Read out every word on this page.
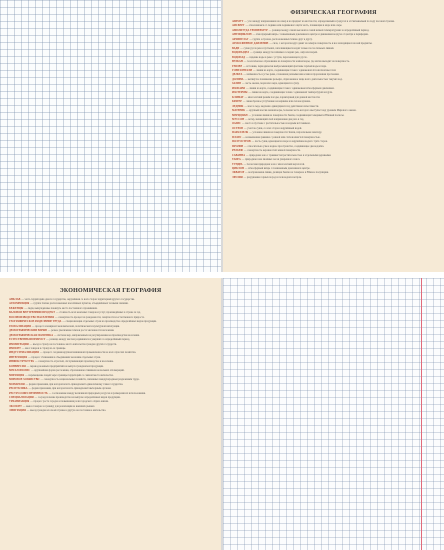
ФИЗИЧЕСКАЯ ГЕОГРАФИЯ

АЗИМУТ— угол между направлением на север и на предмет на местности, определяемый в градусах и отсчитываемый по ходу часовой стрелки.

АЙСБЕРГ— отколовшаяся от ледника или ледникового щита часть, плавающая в море или озере.

АМПЛИТУДА ТЕМПЕРАТУР— разница между самой высокой и самой низкой температурами за определённый период.

АНТИЦИКЛОН— атмосферный вихрь с повышенным давлением в центре и движением воздуха от центра к периферии.

АРХИПЕЛАГ— группа островов, расположенных близко друг к другу.

АТМОСФЕРНОЕ ДАВЛЕНИЕ— сила, с которой воздух давит на земную поверхность и все находящиеся на ней предметы.

ВАДИ— сухие русла рек в пустынях, заполняющиеся водой только после сильных ливней.

ВОДОРАЗДЕЛ— граница между бассейнами соседних рек, озёр или морей.

ВОДОПАД— падение воды в реке с уступа, пересекающего русло.

ВУЛКАН— геологическое образование на поверхности земной коры, где магма выходит на поверхность.

ГЕЙЗЕР— источник, периодически выбрасывающий фонтаны горячей воды и пара.

ГОРИЗОНТАЛИ— линии на карте, соединяющие точки с одинаковой абсолютной высотой.

ДЕЛЬТА— низменность в устье реки, сложенная речными наносами и прорезанная протоками.

ДОЛИНА— вытянутое понижение рельефа, образованное чаще всего деятельностью текучих вод.

ЗАЛИВ— часть океана, моря или озера, вдающаяся в сушу.

ИЗОБАРЫ— линии на карте, соединяющие точки с одинаковым атмосферным давлением.

ИЗОТЕРМЫ— линии на карте, соединяющие точки с одинаковой температурой воздуха.

КЛИМАТ— многолетний режим погоды, характерный для данной местности.

КРАТЕР— чашеобразное углубление на вершине или склоне вулкана.

ЛЕДНИК— масса льда, медленно движущаяся под действием силы тяжести.

МАТЕРИК— крупный массив земной коры, большая часть которого выступает над уровнем Мирового океана.

МЕРИДИАН— условная линия на поверхности Земли, соединяющая Северный и Южный полюсы.

МУССОН— ветер, меняющий своё направление два раза в год.

ОАЗИС— место в пустыне с растительностью и водным источником.

ОСТРОВ— участок суши, со всех сторон окружённый водой.

ПАРАЛЛЕЛЬ— условная линия на поверхности Земли, параллельная экватору.

ПЛАТО— возвышенная равнина с ровной или слабоволнистой поверхностью.

ПОЛУОСТРОВ— часть суши, вдающаяся в море и окружённая водой с трёх сторон.

ПРОЛИВ— относительно узкое водное пространство, соединяющее два водоёма.

РЕЛЬЕФ— совокупность неровностей земной поверхности.

САВАННА— природная зона с травянистой растительностью и отдельными деревьями.

ТАЙГА— природная зона хвойных лесов умеренного пояса.

ТУНДРА— безлесная природная зона с многолетней мерзлотой.

ЦИКЛОН— атмосферный вихрь с пониженным давлением в центре.

ЭКВАТОР— воображаемая линия, делящая Землю на Северное и Южное полушария.

ЭРОЗИЯ— разрушение горных пород и почв водой и ветром.

ЭКОНОМИЧЕСКАЯ ГЕОГРАФИЯ

АНКЛАВ— часть территории одного государства, окружённая со всех сторон территорией другого государства.

АГЛОМЕРАЦИЯ— группа близко расположенных населённых пунктов, объединённых тесными связями.

БЕЖЕНЦЫ— люди, вынужденные покинуть место постоянного проживания.

ВАЛОВОЙ ВНУТРЕННИЙ ПРОДУКТ— стоимость всех конечных товаров и услуг, произведённых в стране за год.

ВОСПРОИЗВОДСТВО НАСЕЛЕНИЯ— совокупность процессов рождаемости, смертности и естественного прироста.

ГЕОГРАФИЧЕСКОЕ РАЗДЕЛЕНИЕ ТРУДА— специализация отдельных стран на производстве определённых видов продукции.

ГЛОБАЛИЗАЦИЯ— процесс всемирной экономической, политической и культурной интеграции.

ДЕМОГРАФИЧЕСКИЙ ВЗРЫВ— резкое увеличение темпов роста численности населения.

ДЕМОГРАФИЧЕСКАЯ ПОЛИТИКА— система мер, направленных на регулирование воспроизводства населения.

ЕСТЕСТВЕННЫЙ ПРИРОСТ— разница между числом родившихся и умерших за определённый период.

ИММИГРАЦИЯ— въезд в страну на постоянное место жительства граждан других государств.

ИМПОРТ— ввоз товаров в страну из-за границы.

ИНДУСТРИАЛИЗАЦИЯ— процесс создания крупной машинной промышленности во всех отраслях хозяйства.

ИНТЕГРАЦИЯ— процесс сближения и объединения экономик отдельных стран.

ИНФРАСТРУКТУРА— совокупность отраслей, обслуживающих производство и население.

КОНВЕРСИЯ— перевод военных предприятий на выпуск гражданской продукции.

МЕГАЛОПОЛИС— крупнейшая форма расселения, образованная слиянием нескольких агломераций.

МИГРАЦИЯ— перемещение людей через границы территорий со сменой места жительства.

МИРОВОЕ ХОЗЯЙСТВО— совокупность национальных хозяйств, связанных международным разделением труда.

МОНАРХИЯ— форма правления, при которой власть принадлежит единоличному главе государства.

РЕСПУБЛИКА— форма правления, при которой власть принадлежит выборным органам.

РЕСУРСООБЕСПЕЧЕННОСТЬ— соотношение между величиной природных ресурсов и размерами их использования.

СПЕЦИАЛИЗАЦИЯ— сосредоточение производства на выпуске определённых видов продукции.

УРБАНИЗАЦИЯ— процесс роста городов и повышения роли городского образа жизни.

ЭКСПОРТ— вывоз товаров за границу для реализации на внешних рынках.

ЭМИГРАЦИЯ— выезд граждан из своей страны в другую на постоянное жительство.
